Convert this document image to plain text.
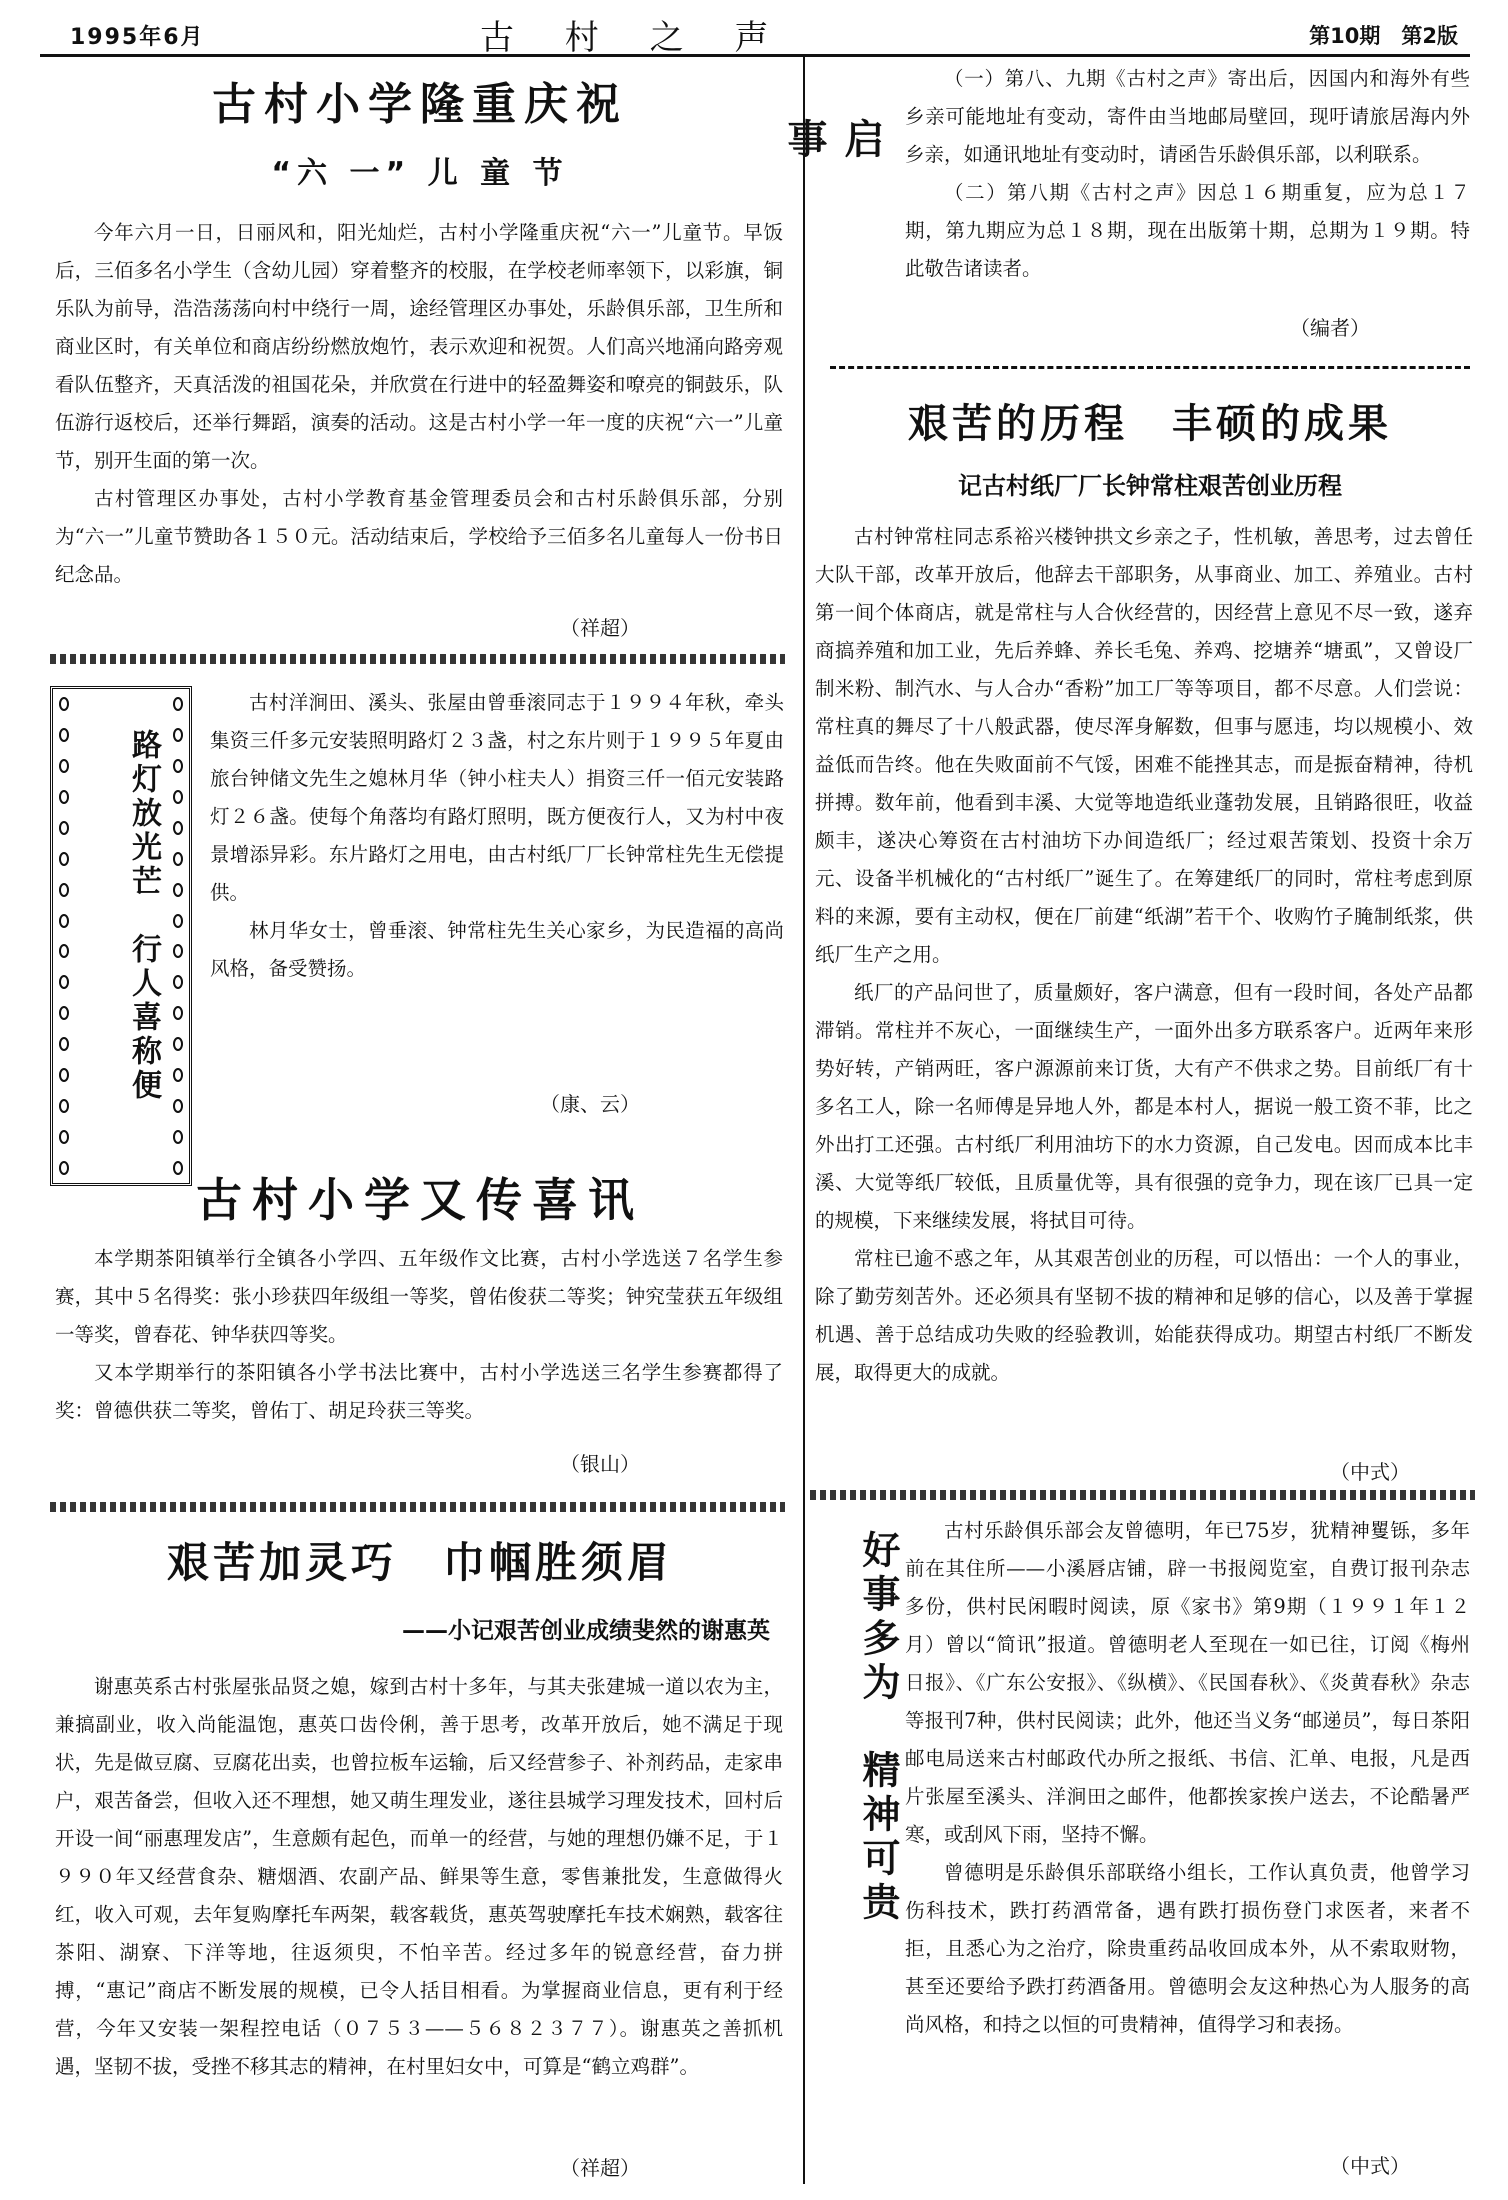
1995年6月	古 村 之 声	第10期　第2版
古村小学隆重庆祝
“六 一” 儿 童 节

今年六月一日，日丽风和，阳光灿烂，古村小学隆重庆祝“六一”儿童节。早饭后，三佰多名小学生（含幼儿园）穿着整齐的校服，在学校老师率领下，以彩旗，铜乐队为前导，浩浩荡荡向村中绕行一周，途经管理区办事处，乐龄俱乐部，卫生所和商业区时，有关单位和商店纷纷燃放炮竹，表示欢迎和祝贺。人们高兴地涌向路旁观看队伍整齐，天真活泼的祖国花朵，并欣赏在行进中的轻盈舞姿和嘹亮的铜鼓乐，队伍游行返校后，还举行舞蹈，演奏的活动。这是古村小学一年一度的庆祝“六一”儿童节，别开生面的第一次。

古村管理区办事处，古村小学教育基金管理委员会和古村乐龄俱乐部，分别为“六一”儿童节赞助各１５０元。活动结束后，学校给予三佰多名儿童每人一份书日纪念品。

（祥超）
路灯放光芒　行人喜称便

古村洋涧田、溪头、张屋由曾垂滚同志于１９９４年秋，牵头集资三仟多元安装照明路灯２３盏，村之东片则于１９９５年夏由旅台钟储文先生之媳林月华（钟小柱夫人）捐资三仟一佰元安装路灯２６盏。使每个角落均有路灯照明，既方便夜行人，又为村中夜景增添异彩。东片路灯之用电，由古村纸厂厂长钟常柱先生无偿提供。

林月华女士，曾垂滚、钟常柱先生关心家乡，为民造福的高尚风格，备受赞扬。

（康、云）
古村小学又传喜讯

本学期茶阳镇举行全镇各小学四、五年级作文比赛，古村小学选送７名学生参赛，其中５名得奖：张小珍获四年级组一等奖，曾佑俊获二等奖；钟究莹获五年级组一等奖，曾春花、钟华获四等奖。

又本学期举行的茶阳镇各小学书法比赛中，古村小学选送三名学生参赛都得了奖：曾德供获二等奖，曾佑丁、胡足玲获三等奖。

（银山）
艰苦加灵巧　巾帼胜须眉
——小记艰苦创业成绩斐然的谢惠英

谢惠英系古村张屋张品贤之媳，嫁到古村十多年，与其夫张建城一道以农为主，兼搞副业，收入尚能温饱，惠英口齿伶俐，善于思考，改革开放后，她不满足于现状，先是做豆腐、豆腐花出卖，也曾拉板车运输，后又经营参子、补剂药品，走家串户，艰苦备尝，但收入还不理想，她又萌生理发业，遂往县城学习理发技术，回村后开设一间“丽惠理发店”，生意颇有起色，而单一的经营，与她的理想仍嫌不足，于１９９０年又经营食杂、糖烟酒、农副产品、鲜果等生意，零售兼批发，生意做得火红，收入可观，去年复购摩托车两架，载客载货，惠英驾驶摩托车技术娴熟，载客往茶阳、湖寮、下洋等地，往返须臾，不怕辛苦。经过多年的锐意经营，奋力拼搏，“惠记”商店不断发展的规模，已令人括目相看。为掌握商业信息，更有利于经营，今年又安装一架程控电话（０７５３——５６８２３７７）。谢惠英之善抓机遇，坚韧不拔，受挫不移其志的精神，在村里妇女中，可算是“鹤立鸡群”。

（祥超）
启　事

（一）第八、九期《古村之声》寄出后，因国内和海外有些乡亲可能地址有变动，寄件由当地邮局壁回，现吁请旅居海内外乡亲，如通讯地址有变动时，请函告乐龄俱乐部，以利联系。

（二）第八期《古村之声》因总１６期重复，应为总１７期，第九期应为总１８期，现在出版第十期，总期为１９期。特此敬告诸读者。

（编者）
艰苦的历程　丰硕的成果
记古村纸厂厂长钟常柱艰苦创业历程

古村钟常柱同志系裕兴楼钟拱文乡亲之子，性机敏，善思考，过去曾任大队干部，改革开放后，他辞去干部职务，从事商业、加工、养殖业。古村第一间个体商店，就是常柱与人合伙经营的，因经营上意见不尽一致，遂弃商搞养殖和加工业，先后养蜂、养长毛兔、养鸡、挖塘养“塘虱”，又曾设厂制米粉、制汽水、与人合办“香粉”加工厂等等项目，都不尽意。人们尝说：常柱真的舞尽了十八般武器，使尽浑身解数，但事与愿违，均以规模小、效益低而告终。他在失败面前不气馁，困难不能挫其志，而是振奋精神，待机拼搏。数年前，他看到丰溪、大觉等地造纸业蓬勃发展，且销路很旺，收益颇丰，遂决心筹资在古村油坊下办间造纸厂；经过艰苦策划、投资十余万元、设备半机械化的“古村纸厂”诞生了。在筹建纸厂的同时，常柱考虑到原料的来源，要有主动权，便在厂前建“纸湖”若干个、收购竹子腌制纸浆，供纸厂生产之用。

纸厂的产品问世了，质量颇好，客户满意，但有一段时间，各处产品都滞销。常柱并不灰心，一面继续生产，一面外出多方联系客户。近两年来形势好转，产销两旺，客户源源前来订货，大有产不供求之势。目前纸厂有十多名工人，除一名师傅是异地人外，都是本村人，据说一般工资不菲，比之外出打工还强。古村纸厂利用油坊下的水力资源，自己发电。因而成本比丰溪、大觉等纸厂较低，且质量优等，具有很强的竞争力，现在该厂已具一定的规模，下来继续发展，将拭目可待。

常柱已逾不惑之年，从其艰苦创业的历程，可以悟出：一个人的事业，除了勤劳刻苦外。还必须具有坚韧不拔的精神和足够的信心，以及善于掌握机遇、善于总结成功失败的经验教训，始能获得成功。期望古村纸厂不断发展，取得更大的成就。

（中式）
好事多为　精神可贵	古村乐龄俱乐部会友曾德明，年已75岁，犹精神矍铄，多年前在其住所——小溪唇店铺，辟一书报阅览室，自费订报刊杂志多份，供村民闲暇时阅读，原《家书》第9期（１９９１年１２月）曾以“简讯”报道。曾德明老人至现在一如已往，订阅《梅州日报》、《广东公安报》、《纵横》、《民国春秋》、《炎黄春秋》杂志等报刊7种，供村民阅读；此外，他还当义务“邮递员”，每日茶阳邮电局送来古村邮政代办所之报纸、书信、汇单、电报，凡是西片张屋至溪头、洋涧田之邮件，他都挨家挨户送去，不论酷暑严寒，或刮风下雨，坚持不懈。

曾德明是乐龄俱乐部联络小组长，工作认真负责，他曾学习伤科技术，跌打药酒常备，遇有跌打损伤登门求医者，来者不拒，且悉心为之治疗，除贵重药品收回成本外，从不索取财物，甚至还要给予跌打药酒备用。曾德明会友这种热心为人服务的高尚风格，和持之以恒的可贵精神，值得学习和表扬。

（中式）
